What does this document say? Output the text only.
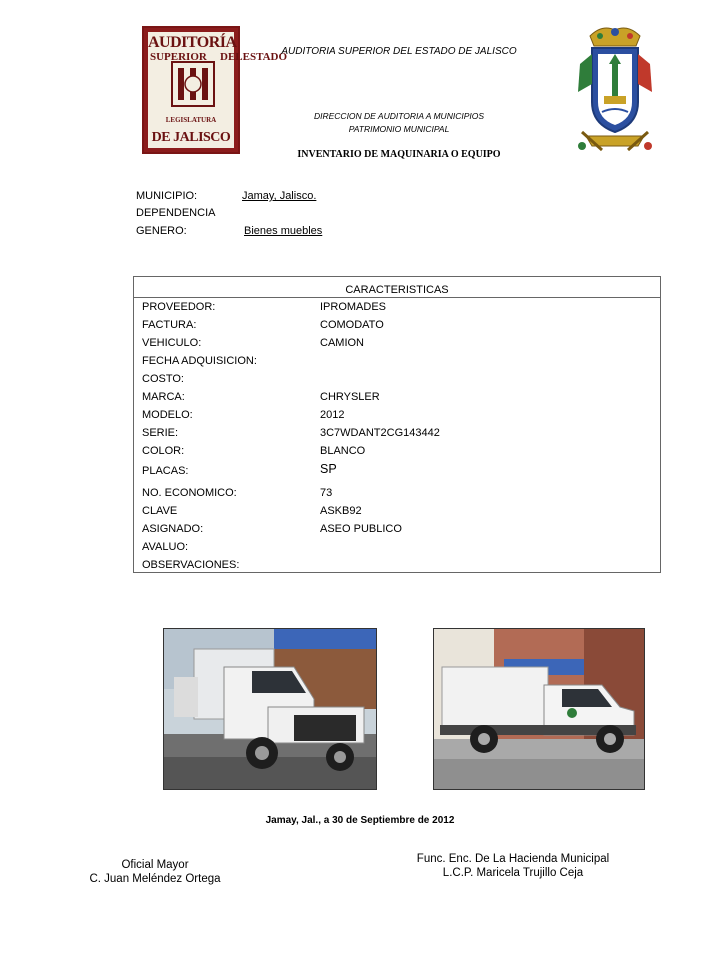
AUDITORÍA
SUPERIOR DELESTADO
LEGISLATURA
DE JALISCO
AUDITORIA SUPERIOR DEL ESTADO DE JALISCO
DIRECCION DE AUDITORIA A MUNICIPIOS
PATRIMONIO MUNICIPAL
INVENTARIO DE MAQUINARIA O EQUIPO
MUNICIPIO:	Jamay, Jalisco.
DEPENDENCIA
GENERO:	Bienes muebles
CARACTERISTICAS
PROVEEDOR:	IPROMADES
FACTURA:	COMODATO
VEHICULO:	CAMION
FECHA ADQUISICION:
COSTO:
MARCA:	CHRYSLER
MODELO:	2012
SERIE:	3C7WDANT2CG143442
COLOR:	BLANCO
PLACAS:	SP
NO. ECONOMICO:	73
CLAVE	ASKB92
ASIGNADO:	ASEO PUBLICO
AVALUO:
OBSERVACIONES:
Jamay, Jal., a 30 de Septiembre de 2012
Oficial Mayor
C. Juan Meléndez Ortega
Func. Enc. De La Hacienda Municipal
L.C.P. Maricela Trujillo Ceja
